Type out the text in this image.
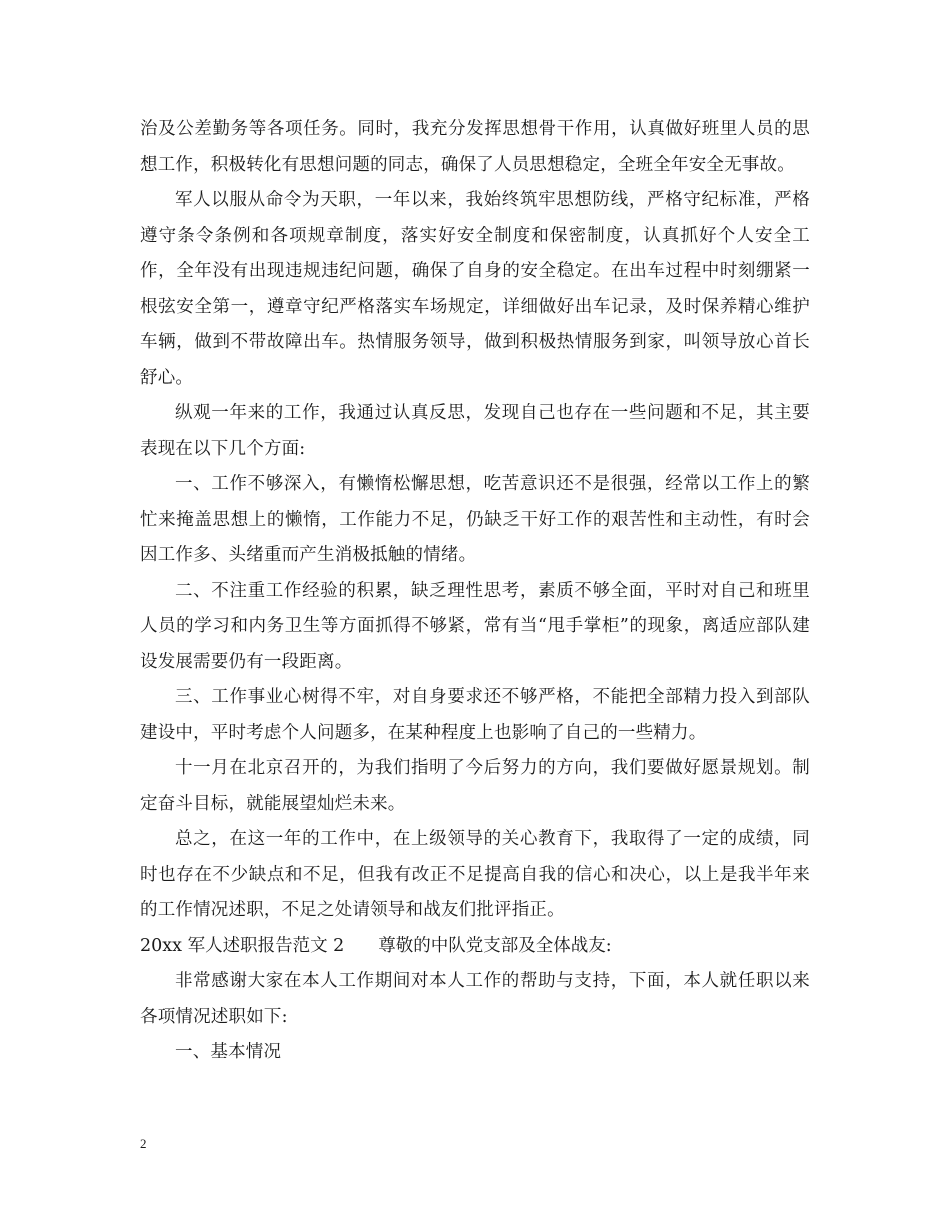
治及公差勤务等各项任务。同时，我充分发挥思想骨干作用，认真做好班里人员的思想工作，积极转化有思想问题的同志，确保了人员思想稳定，全班全年安全无事故。

军人以服从命令为天职，一年以来，我始终筑牢思想防线，严格守纪标准，严格遵守条令条例和各项规章制度，落实好安全制度和保密制度，认真抓好个人安全工作，全年没有出现违规违纪问题，确保了自身的安全稳定。在出车过程中时刻绷紧一根弦安全第一，遵章守纪严格落实车场规定，详细做好出车记录，及时保养精心维护车辆，做到不带故障出车。热情服务领导，做到积极热情服务到家，叫领导放心首长舒心。

纵观一年来的工作，我通过认真反思，发现自己也存在一些问题和不足，其主要表现在以下几个方面:

一、工作不够深入，有懒惰松懈思想，吃苦意识还不是很强，经常以工作上的繁忙来掩盖思想上的懒惰，工作能力不足，仍缺乏干好工作的艰苦性和主动性，有时会因工作多、头绪重而产生消极抵触的情绪。

二、不注重工作经验的积累，缺乏理性思考，素质不够全面，平时对自己和班里人员的学习和内务卫生等方面抓得不够紧，常有当“甩手掌柜”的现象，离适应部队建设发展需要仍有一段距离。

三、工作事业心树得不牢，对自身要求还不够严格，不能把全部精力投入到部队建设中，平时考虑个人问题多，在某种程度上也影响了自己的一些精力。

十一月在北京召开的，为我们指明了今后努力的方向，我们要做好愿景规划。制定奋斗目标，就能展望灿烂未来。

总之，在这一年的工作中，在上级领导的关心教育下，我取得了一定的成绩，同时也存在不少缺点和不足，但我有改正不足提高自我的信心和决心，以上是我半年来的工作情况述职，不足之处请领导和战友们批评指正。

20xx 军人述职报告范文 2 尊敬的中队党支部及全体战友:

非常感谢大家在本人工作期间对本人工作的帮助与支持，下面，本人就任职以来各项情况述职如下:

一、基本情况

2
